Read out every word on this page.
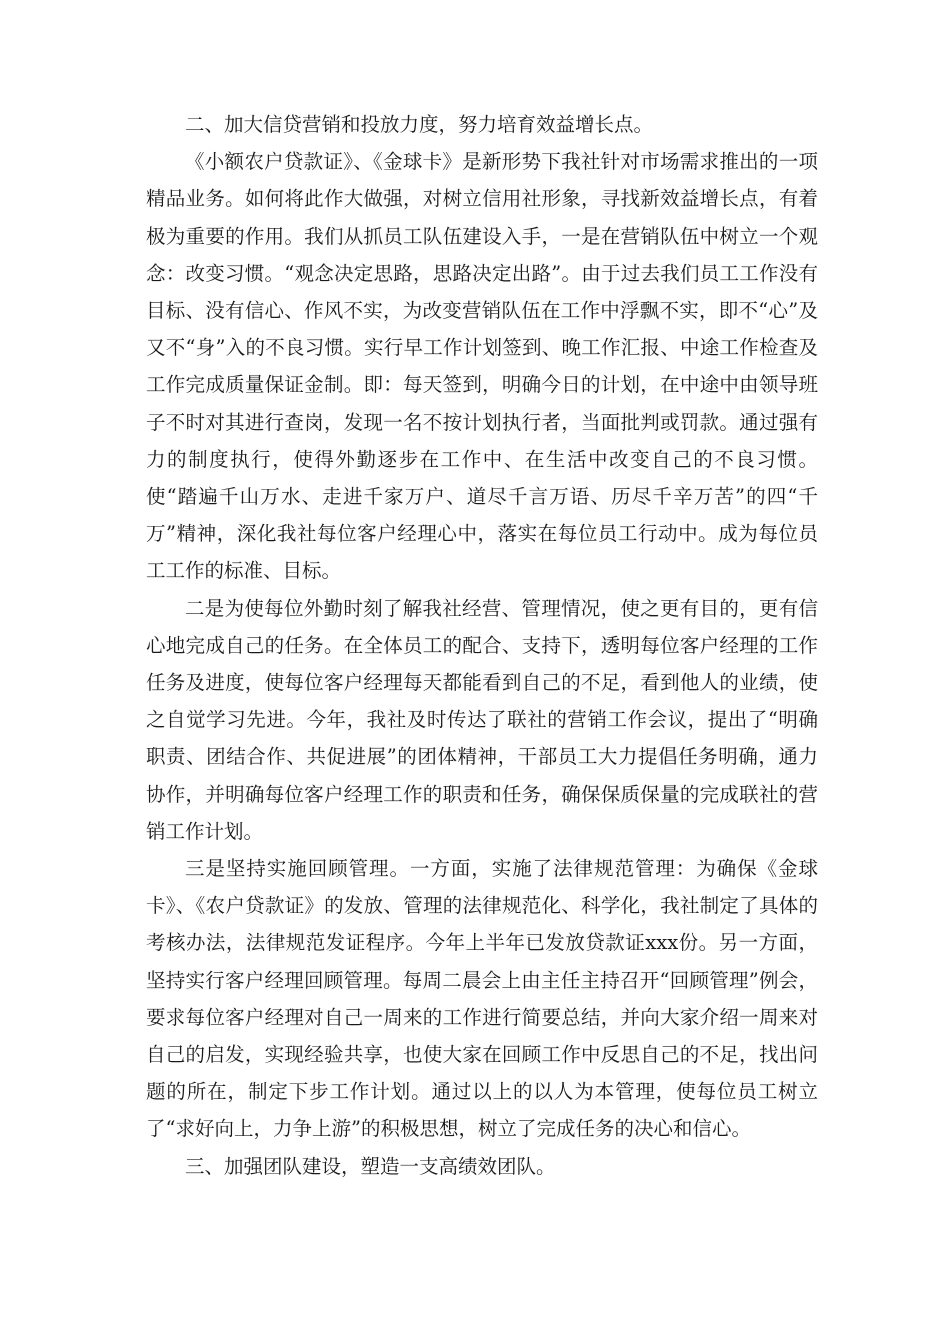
二、加大信贷营销和投放力度，努力培育效益增长点。

《小额农户贷款证》、《金球卡》是新形势下我社针对市场需求推出的一项精品业务。如何将此作大做强，对树立信用社形象，寻找新效益增长点，有着极为重要的作用。我们从抓员工队伍建设入手，一是在营销队伍中树立一个观念：改变习惯。“观念决定思路，思路决定出路”。由于过去我们员工工作没有目标、没有信心、作风不实，为改变营销队伍在工作中浮飘不实，即不“心”及又不“身”入的不良习惯。实行早工作计划签到、晚工作汇报、中途工作检查及工作完成质量保证金制。即：每天签到，明确今日的计划，在中途中由领导班子不时对其进行查岗，发现一名不按计划执行者，当面批判或罚款。通过强有力的制度执行，使得外勤逐步在工作中、在生活中改变自己的不良习惯。使“踏遍千山万水、走进千家万户、道尽千言万语、历尽千辛万苦”的四“千万”精神，深化我社每位客户经理心中，落实在每位员工行动中。成为每位员工工作的标准、目标。

二是为使每位外勤时刻了解我社经营、管理情况，使之更有目的，更有信心地完成自己的任务。在全体员工的配合、支持下，透明每位客户经理的工作任务及进度，使每位客户经理每天都能看到自己的不足，看到他人的业绩，使之自觉学习先进。今年，我社及时传达了联社的营销工作会议，提出了“明确职责、团结合作、共促进展”的团体精神，干部员工大力提倡任务明确，通力协作，并明确每位客户经理工作的职责和任务，确保保质保量的完成联社的营销工作计划。

三是坚持实施回顾管理。一方面，实施了法律规范管理：为确保《金球卡》、《农户贷款证》的发放、管理的法律规范化、科学化，我社制定了具体的考核办法，法律规范发证程序。今年上半年已发放贷款证xxx份。另一方面，坚持实行客户经理回顾管理。每周二晨会上由主任主持召开“回顾管理”例会，要求每位客户经理对自己一周来的工作进行简要总结，并向大家介绍一周来对自己的启发，实现经验共享，也使大家在回顾工作中反思自己的不足，找出问题的所在，制定下步工作计划。通过以上的以人为本管理，使每位员工树立了“求好向上，力争上游”的积极思想，树立了完成任务的决心和信心。

三、加强团队建设，塑造一支高绩效团队。
